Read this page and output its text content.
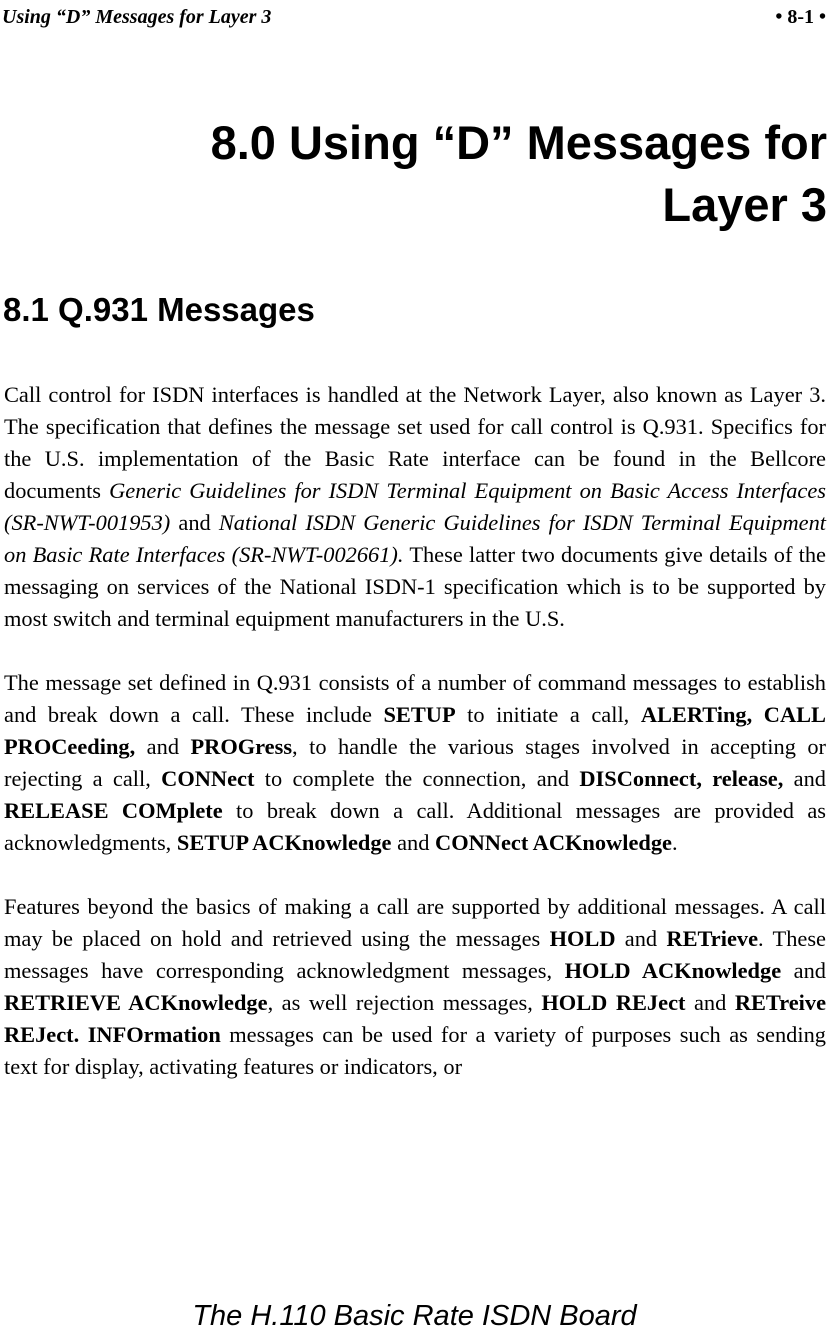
Using “D” Messages for Layer 3	• 8-1 •
8.0 Using “D” Messages for
Layer 3
8.1 Q.931 Messages

Call control for ISDN interfaces is handled at the Network Layer, also known as Layer 3. The specification that defines the message set used for call control is Q.931. Specifics for the U.S. implementation of the Basic Rate interface can be found in the Bellcore documents Generic Guidelines for ISDN Terminal Equipment on Basic Access Interfaces (SR-NWT-001953) and National ISDN Generic Guidelines for ISDN Terminal Equipment on Basic Rate Interfaces (SR-NWT-002661). These latter two documents give details of the messaging on services of the National ISDN-1 specification which is to be supported by most switch and terminal equipment manufacturers in the U.S.

The message set defined in Q.931 consists of a number of command messages to establish and break down a call. These include SETUP to initiate a call, ALERTing, CALL PROCeeding, and PROGress, to handle the various stages involved in accepting or rejecting a call, CONNect to complete the connection, and DISConnect, release, and RELEASE COMplete to break down a call. Additional messages are provided as acknowledgments, SETUP ACKnowledge and CONNect ACKnowledge.

Features beyond the basics of making a call are supported by additional messages. A call may be placed on hold and retrieved using the messages HOLD and RETrieve. These messages have corresponding acknowledgment messages, HOLD ACKnowledge and RETRIEVE ACKnowledge, as well rejection messages, HOLD REJect and RETreive REJect. INFOrmation messages can be used for a variety of purposes such as sending text for display, activating features or indicators, or

The H.110 Basic Rate ISDN Board
